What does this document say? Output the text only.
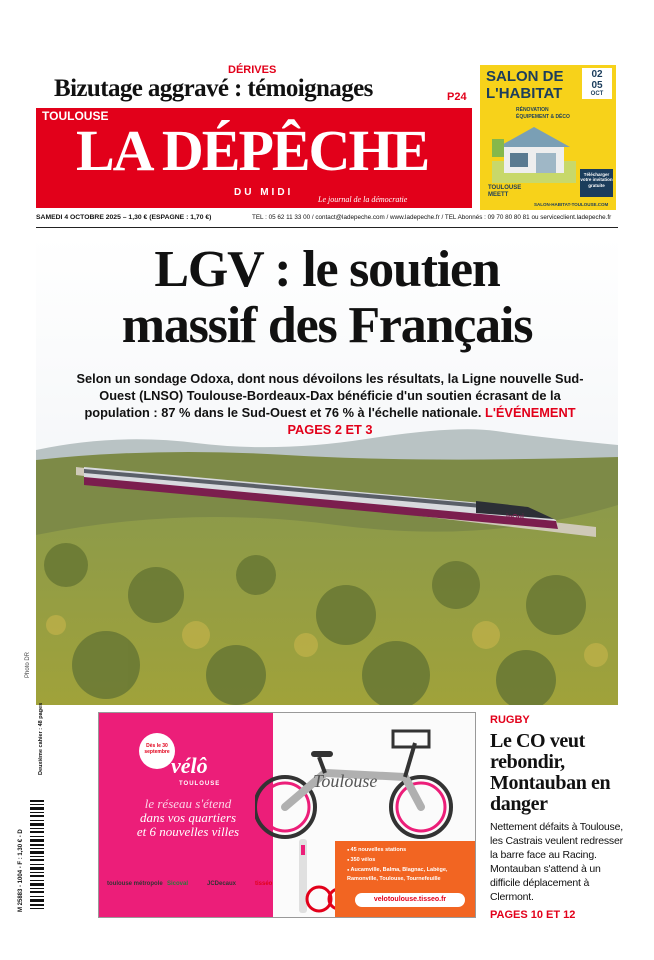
DÉRIVES
Bizutage aggravé : témoignages	P24
TOULOUSE
LA DÉPÊCHE
DU MIDI
Le journal de la démocratie
SALON DE
L'HABITAT
02
05
OCT
RÉNOVATION
ÉQUIPEMENT & DÉCO
TOULOUSE
MEETT
Télécharger votre invitation gratuite
SALON-HABITAT-TOULOUSE.COM
SAMEDI 4 OCTOBRE 2025 – 1,30 € (ESPAGNE : 1,70 €)	TEL : 05 62 11 33 00 / contact@ladepeche.com / www.ladepeche.fr / TEL Abonnés : 09 70 80 80 81 ou serviceclient.ladepeche.fr
inOui
LGV : le soutien
massif des Français
Selon un sondage Odoxa, dont nous dévoilons les résultats, la Ligne nouvelle Sud-Ouest (LNSO) Toulouse-Bordeaux-Dax bénéficie d'un soutien écrasant de la population : 87 % dans le Sud-Ouest et 76 % à l'échelle nationale. L'ÉVÉNEMENT PAGES 2 ET 3
Photo DR
Dès le 30 septembre
vélô
TOULOUSE
le réseau s'étend
dans vos quartiers
et 6 nouvelles villes
Toulouse
● 45 nouvelles stations
● 350 vélos
● Aucamville, Balma, Blagnac, Labège, Ramonville, Toulouse, Tournefeuille
velotoulouse.tisseo.fr
toulouse métropole Sicoval	JCDecaux	tisséo
RUGBY
Le CO veut rebondir, Montauban en danger

Nettement défaits à Toulouse, les Castrais veulent redresser la barre face au Racing. Montauban s'attend à un difficile déplacement à Clermont.

PAGES 10 ET 12
Deuxième cahier : 48 pages
M 25883 - 1004 - F : 1,30 € - D
